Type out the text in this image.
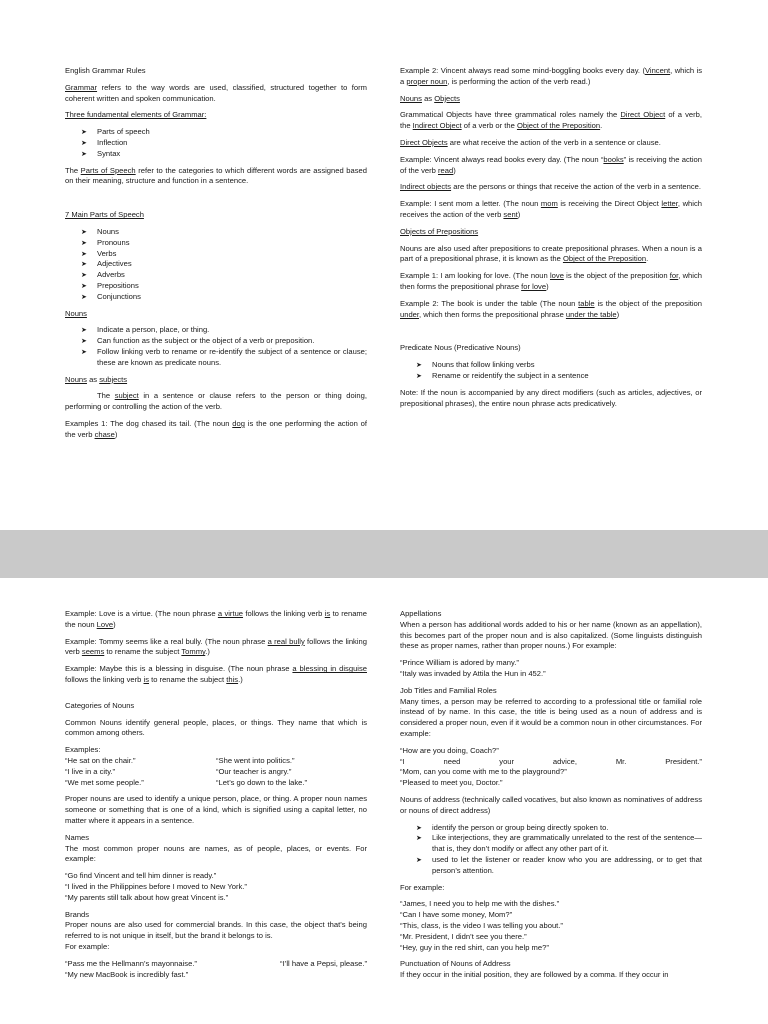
English Grammar Rules

Grammar refers to the way words are used, classified, structured together to form coherent written and spoken communication.

Three fundamental elements of Grammar:

➤ Parts of speech
➤ Inflection
➤ Syntax

The Parts of Speech refer to the categories to which different words are assigned based on their meaning, structure and function in a sentence.

7 Main Parts of Speech

➤ Nouns
➤ Pronouns
➤ Verbs
➤ Adjectives
➤ Adverbs
➤ Prepositions
➤ Conjunctions

Nouns

➤ Indicate a person, place, or thing.
➤ Can function as the subject or the object of a verb or preposition.
➤ Follow linking verb to rename or re-identify the subject of a sentence or clause; these are known as predicate nouns.

Nouns as subjects

The subject in a sentence or clause refers to the person or thing doing, performing or controlling the action of the verb.

Examples 1: The dog chased its tail. (The noun dog is the one performing the action of the verb chase)

Example 2: Vincent always read some mind-boggling books every day. (Vincent, which is a proper noun, is performing the action of the verb read.)

Nouns as Objects

Grammatical Objects have three grammatical roles namely the Direct Object of a verb, the Indirect Object of a verb or the Object of the Preposition.

Direct Objects are what receive the action of the verb in a sentence or clause.

Example: Vincent always read books every day. (The noun “books” is receiving the action of the verb read)

Indirect objects are the persons or things that receive the action of the verb in a sentence.

Example: I sent mom a letter. (The noun mom is receiving the Direct Object letter, which receives the action of the verb sent)

Objects of Prepositions

Nouns are also used after prepositions to create prepositional phrases. When a noun is a part of a prepositional phrase, it is known as the Object of the Preposition.

Example 1: I am looking for love. (The noun love is the object of the preposition for, which then forms the prepositional phrase for love)

Example 2: The book is under the table (The noun table is the object of the preposition under, which then forms the prepositional phrase under the table)

Predicate Nous (Predicative Nouns)

➤ Nouns that follow linking verbs
➤ Rename or reidentify the subject in a sentence

Note: If the noun is accompanied by any direct modifiers (such as articles, adjectives, or prepositional phrases), the entire noun phrase acts predicatively.

Example: Love is a virtue. (The noun phrase a virtue follows the linking verb is to rename the noun Love)

Example: Tommy seems like a real bully. (The noun phrase a real bully follows the linking verb seems to rename the subject Tommy.)

Example: Maybe this is a blessing in disguise. (The noun phrase a blessing in disguise follows the linking verb is to rename the subject this.)

Categories of Nouns

Common Nouns identify general people, places, or things. They name that which is common among others.

Examples:

“He sat on the chair.”	“She went into politics.”
“I live in a city.”	“Our teacher is angry.”
“We met some people.”	“Let’s go down to the lake.”

Proper nouns are used to identify a unique person, place, or thing. A proper noun names someone or something that is one of a kind, which is signified using a capital letter, no matter where it appears in a sentence.

Names

The most common proper nouns are names, as of people, places, or events. For example:

“Go find Vincent and tell him dinner is ready.”

“I lived in the Philippines before I moved to New York.”

“My parents still talk about how great Vincent is.”

Brands

Proper nouns are also used for commercial brands. In this case, the object that’s being referred to is not unique in itself, but the brand it belongs to is.

For example:

“Pass me the Hellmann’s mayonnaise.”	“I’ll have a Pepsi, please.”
“My new MacBook is incredibly fast.”

Appellations

When a person has additional words added to his or her name (known as an appellation), this becomes part of the proper noun and is also capitalized. (Some linguists distinguish these as proper names, rather than proper nouns.) For example:

“Prince William is adored by many.”

“Italy was invaded by Attila the Hun in 452.”

Job Titles and Familial Roles

Many times, a person may be referred to according to a professional title or familial role instead of by name. In this case, the title is being used as a noun of address and is considered a proper noun, even if it would be a common noun in other circumstances. For example:

“How are you doing, Coach?”

“I	need	your	advice,	Mr.	President.”

“Mom, can you come with me to the playground?”

“Pleased to meet you, Doctor.”

Nouns of address (technically called vocatives, but also known as nominatives of address or nouns of direct address)

➤ identify the person or group being directly spoken to.
➤ Like interjections, they are grammatically unrelated to the rest of the sentence—that is, they don’t modify or affect any other part of it.
➤ used to let the listener or reader know who you are addressing, or to get that person’s attention.

For example:

“James, I need you to help me with the dishes.”

“Can I have some money, Mom?”

“This, class, is the video I was telling you about.”

“Mr. President, I didn’t see you there.”

“Hey, guy in the red shirt, can you help me?”

Punctuation of Nouns of Address

If they occur in the initial position, they are followed by a comma. If they occur in
